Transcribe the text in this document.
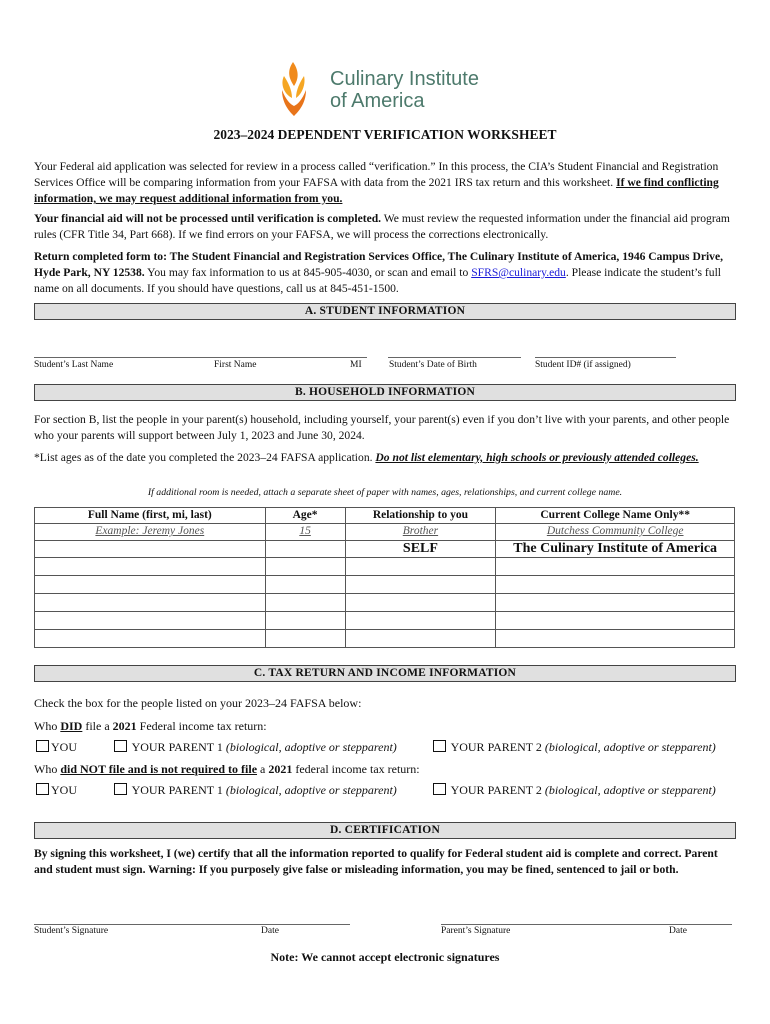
Culinary Institute
of America
2023–2024 DEPENDENT VERIFICATION WORKSHEET
Your Federal aid application was selected for review in a process called “verification.” In this process, the CIA’s Student Financial and Registration Services Office will be comparing information from your FAFSA with data from the 2021 IRS tax return and this worksheet. If we find conflicting information, we may request additional information from you.
Your financial aid will not be processed until verification is completed. We must review the requested information under the financial aid program rules (CFR Title 34, Part 668). If we find errors on your FAFSA, we will process the corrections electronically.
Return completed form to: The Student Financial and Registration Services Office, The Culinary Institute of America, 1946 Campus Drive, Hyde Park, NY 12538. You may fax information to us at 845-905-4030, or scan and email to SFRS@culinary.edu. Please indicate the student’s full name on all documents. If you should have questions, call us at 845-451-1500.
A. STUDENT INFORMATION
Student’s Last Name	First Name	MI	Student’s Date of Birth	Student ID# (if assigned)
B. HOUSEHOLD INFORMATION
For section B, list the people in your parent(s) household, including yourself, your parent(s) even if you don’t live with your parents, and other people who your parents will support between July 1, 2023 and June 30, 2024.
*List ages as of the date you completed the 2023–24 FAFSA application. Do not list elementary, high schools or previously attended colleges.
If additional room is needed, attach a separate sheet of paper with names, ages, relationships, and current college name.
Full Name (first, mi, last)	Age*	Relationship to you	Current College Name Only**
Example: Jeremy Jones	15	Brother	Dutchess Community College
		SELF	The Culinary Institute of America

C. TAX RETURN AND INCOME INFORMATION
Check the box for the people listed on your 2023–24 FAFSA below:
Who DID file a 2021 Federal income tax return:
YOU	YOUR PARENT 1 (biological, adoptive or stepparent)	YOUR PARENT 2 (biological, adoptive or stepparent)
Who did NOT file and is not required to file a 2021 federal income tax return:
YOU	YOUR PARENT 1 (biological, adoptive or stepparent)	YOUR PARENT 2 (biological, adoptive or stepparent)
D. CERTIFICATION
By signing this worksheet, I (we) certify that all the information reported to qualify for Federal student aid is complete and correct. Parent and student must sign. Warning: If you purposely give false or misleading information, you may be fined, sentenced to jail or both.
Student’s Signature	Date	Parent’s Signature	Date
Note: We cannot accept electronic signatures
